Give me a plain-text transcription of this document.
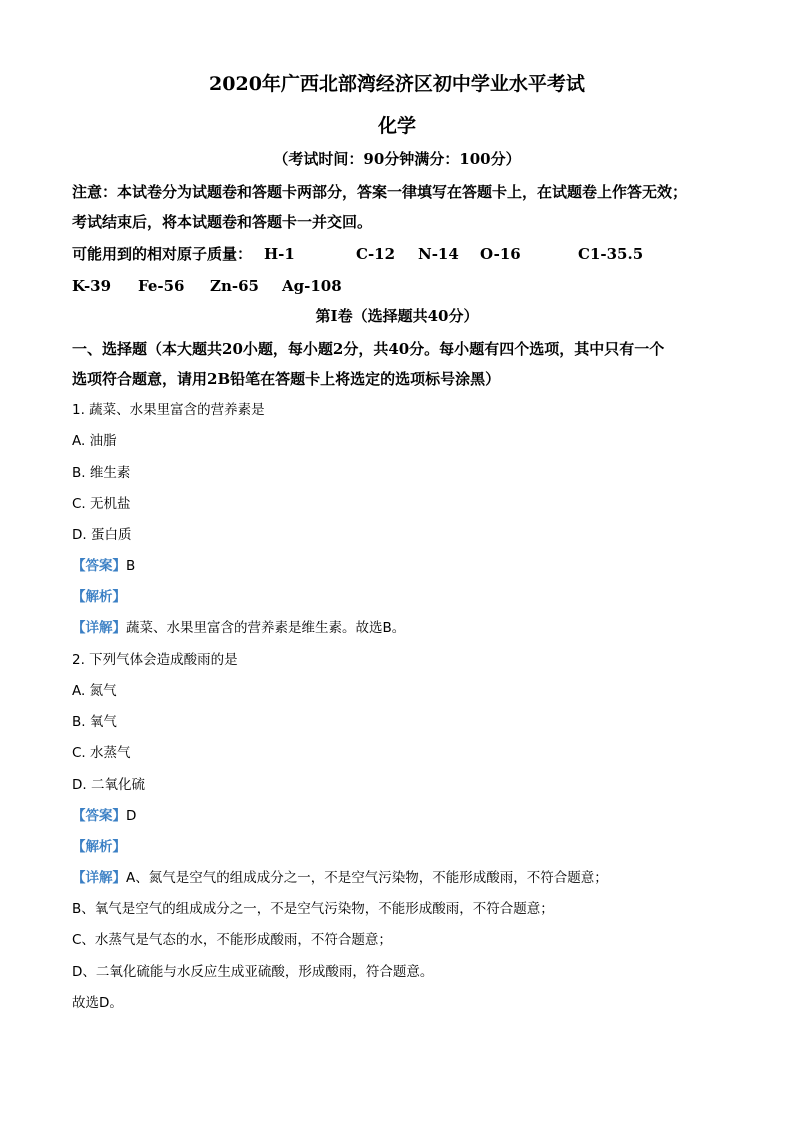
2020年广西北部湾经济区初中学业水平考试
化学
（考试时间：90分钟满分：100分）
注意：本试卷分为试题卷和答题卡两部分，答案一律填写在答题卡上，在试题卷上作答无效；
考试结束后，将本试题卷和答题卡一并交回。
可能用到的相对原子质量： H-1	C-12 N-14 O-16	C1-35.5
K-39 Fe-56 Zn-65 Ag-108
第I卷（选择题共40分）
一、选择题（本大题共20小题，每小题2分，共40分。每小题有四个选项，其中只有一个
选项符合题意，请用2B铅笔在答题卡上将选定的选项标号涂黑）
1. 蔬菜、水果里富含的营养素是
A. 油脂
B. 维生素
C. 无机盐
D. 蛋白质
【答案】B
【解析】
【详解】蔬菜、水果里富含的营养素是维生素。故选B。
2. 下列气体会造成酸雨的是
A. 氮气
B. 氧气
C. 水蒸气
D. 二氧化硫
【答案】D
【解析】
【详解】A、氮气是空气的组成成分之一，不是空气污染物，不能形成酸雨，不符合题意；
B、氧气是空气的组成成分之一，不是空气污染物，不能形成酸雨，不符合题意；
C、水蒸气是气态的水，不能形成酸雨，不符合题意；
D、二氧化硫能与水反应生成亚硫酸，形成酸雨，符合题意。
故选D。
